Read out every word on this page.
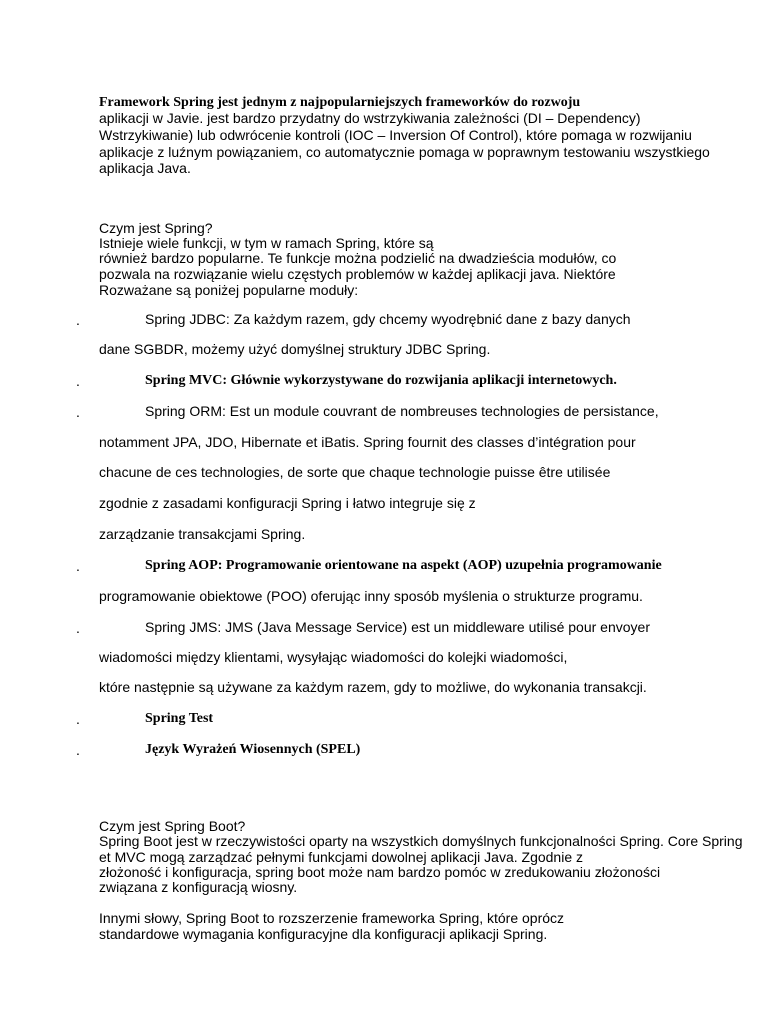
Framework Spring jest jednym z najpopularniejszych frameworków do rozwoju
aplikacji w Javie. jest bardzo przydatny do wstrzykiwania zależności (DI – Dependency)
Wstrzykiwanie) lub odwrócenie kontroli (IOC – Inversion Of Control), które pomaga w rozwijaniu
aplikacje z luźnym powiązaniem, co automatycznie pomaga w poprawnym testowaniu wszystkiego
aplikacja Java.
Czym jest Spring?
Istnieje wiele funkcji, w tym w ramach Spring, które są
również bardzo popularne. Te funkcje można podzielić na dwadzieścia modułów, co
pozwala na rozwiązanie wielu częstych problemów w każdej aplikacji java. Niektóre
Rozważane są poniżej popularne moduły:
.	Spring JDBC: Za każdym razem, gdy chcemy wyodrębnić dane z bazy danych
dane SGBDR, możemy użyć domyślnej struktury JDBC Spring.
.	Spring MVC: Głównie wykorzystywane do rozwijania aplikacji internetowych.
.	Spring ORM: Est un module couvrant de nombreuses technologies de persistance,
notamment JPA, JDO, Hibernate et iBatis. Spring fournit des classes d’intégration pour
chacune de ces technologies, de sorte que chaque technologie puisse être utilisée
zgodnie z zasadami konfiguracji Spring i łatwo integruje się z
zarządzanie transakcjami Spring.
.	Spring AOP: Programowanie orientowane na aspekt (AOP) uzupełnia programowanie
programowanie obiektowe (POO) oferując inny sposób myślenia o strukturze programu.
.	Spring JMS: JMS (Java Message Service) est un middleware utilisé pour envoyer
wiadomości między klientami, wysyłając wiadomości do kolejki wiadomości,
które następnie są używane za każdym razem, gdy to możliwe, do wykonania transakcji.
.	Spring Test
.	Język Wyrażeń Wiosennych (SPEL)
Czym jest Spring Boot?
Spring Boot jest w rzeczywistości oparty na wszystkich domyślnych funkcjonalności Spring. Core Spring
et MVC mogą zarządzać pełnymi funkcjami dowolnej aplikacji Java. Zgodnie z
złożoność i konfiguracja, spring boot może nam bardzo pomóc w zredukowaniu złożoności
związana z konfiguracją wiosny.
Innymi słowy, Spring Boot to rozszerzenie frameworka Spring, które oprócz
standardowe wymagania konfiguracyjne dla konfiguracji aplikacji Spring.
